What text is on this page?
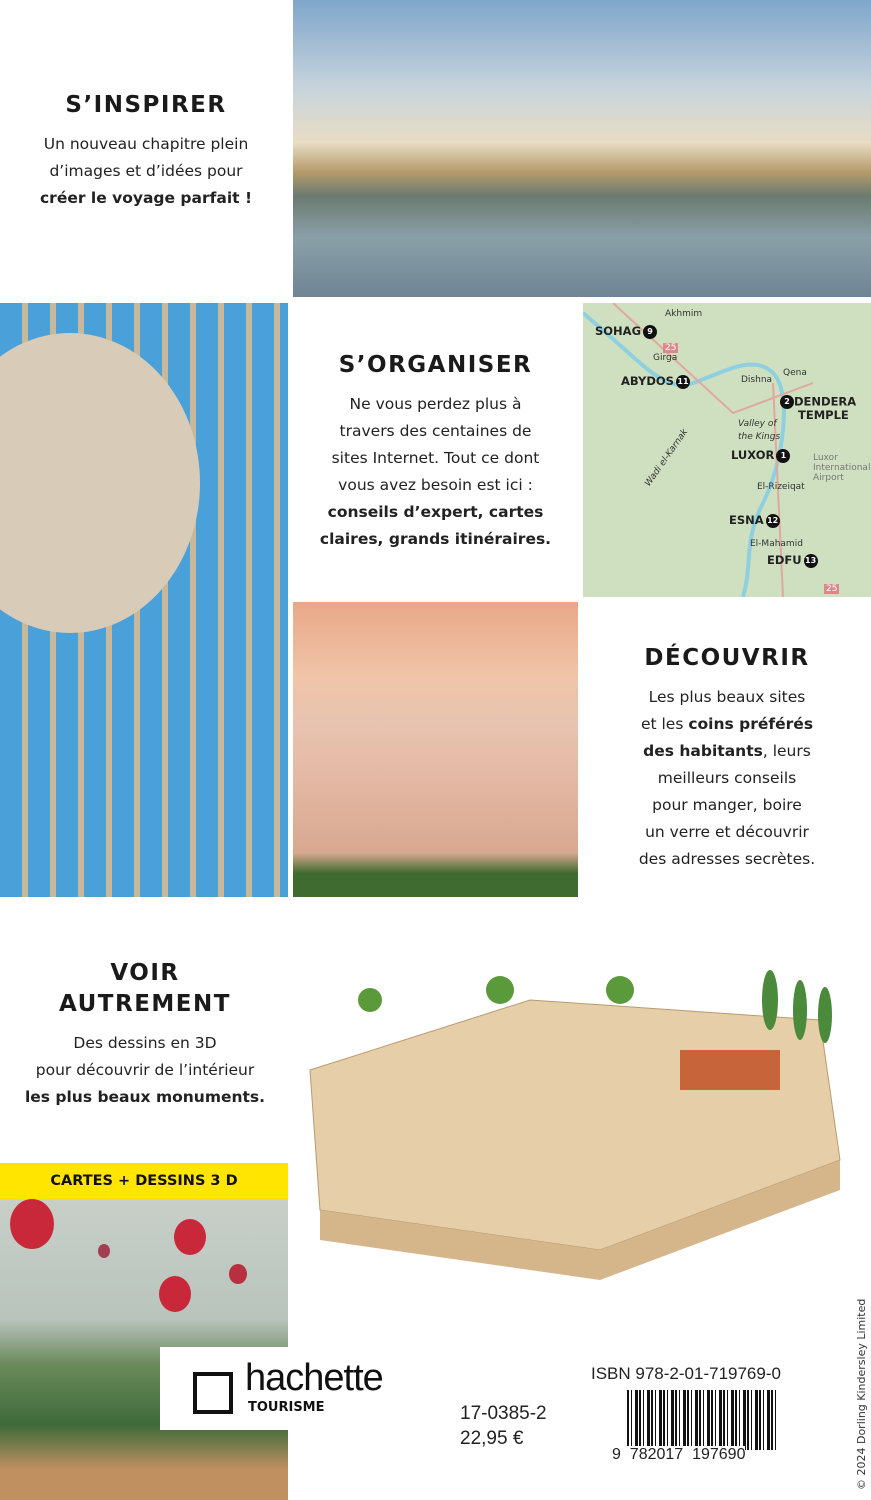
S’INSPIRER

Un nouveau chapitre plein
d’images et d’idées pour
créer le voyage parfait !

S’ORGANISER

Ne vous perdez plus à
travers des centaines de
sites Internet. Tout ce dont
vous avez besoin est ici :
conseils d’expert, cartes
claires, grands itinéraires.

Akhmim
SOHAG 9
Girga
ABYDOS 11	Dishna
Qena
2 DENDERA
TEMPLE
Valley of
the Kings
Wadi el-Karnak	LUXOR 1	Luxor
International
Airport
El-Rizeiqat
ESNA 12
El-Mahamid
EDFU 13
25
25
DÉCOUVRIR

Les plus beaux sites
et les coins préférés
des habitants, leurs
meilleurs conseils
pour manger, boire
un verre et découvrir
des adresses secrètes.

VOIR
AUTREMENT

Des dessins en 3D
pour découvrir de l’intérieur
les plus beaux monuments.

CARTES + DESSINS 3 D
hachette
TOURISME	17-0385-2
22,95 €
ISBN 978-2-01-719769-0
9  782017  197690	© 2024 Dorling Kindersley Limited
